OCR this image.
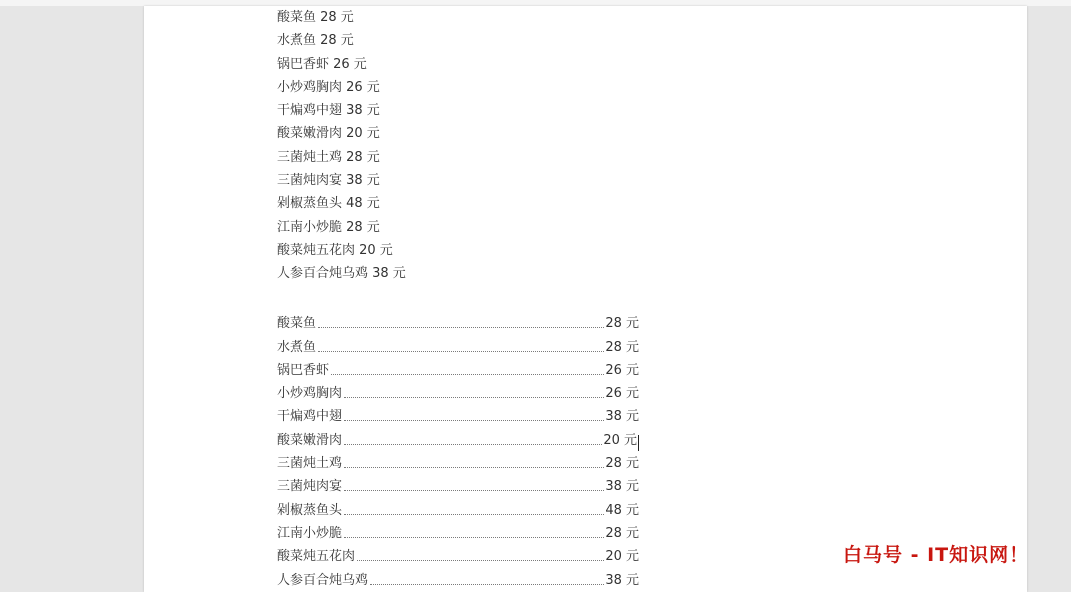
酸菜鱼 28 元
水煮鱼 28 元
锅巴香虾 26 元
小炒鸡胸肉 26 元
干煸鸡中翅 38 元
酸菜嫩滑肉 20 元
三菌炖土鸡 28 元
三菌炖肉宴 38 元
剁椒蒸鱼头 48 元
江南小炒脆 28 元
酸菜炖五花肉 20 元
人参百合炖乌鸡 38 元
酸菜鱼	28 元
水煮鱼	28 元
锅巴香虾	26 元
小炒鸡胸肉	26 元
干煸鸡中翅	38 元
酸菜嫩滑肉	20 元
三菌炖土鸡	28 元
三菌炖肉宴	38 元
剁椒蒸鱼头	48 元
江南小炒脆	28 元
酸菜炖五花肉	20 元
人参百合炖乌鸡	38 元
白马号 - IT知识网！
